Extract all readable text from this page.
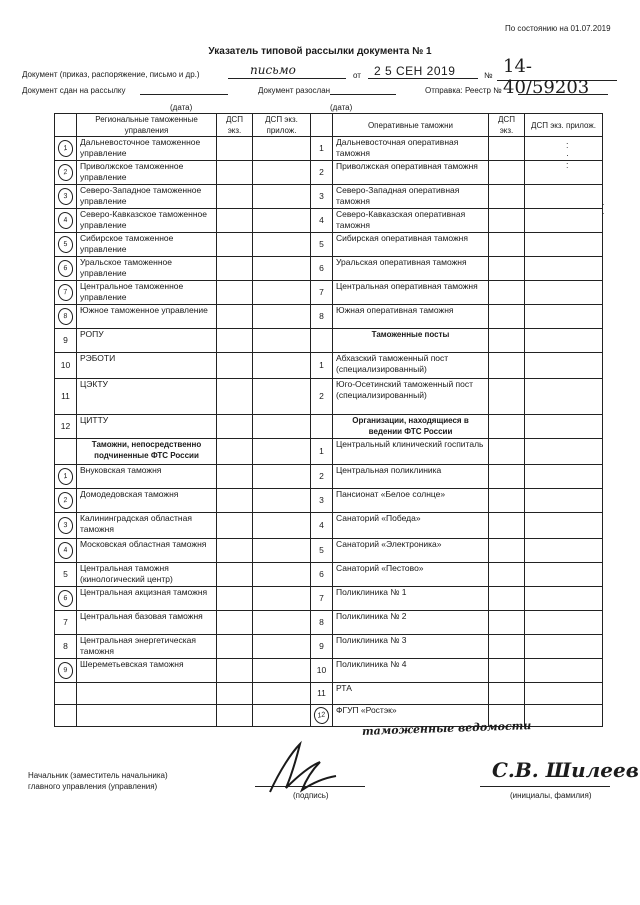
По состоянию на 01.07.2019
Указатель типовой рассылки документа № 1
Документ (приказ, распоряжение, письмо и др.)	письмо	от 2 5 СЕН 2019	№ 14-40/59203
Документ сдан на рассылку
(дата)
Документ разослан
(дата)
Отправка: Реестр №
	Региональные таможенные управления	ДСП экз.	ДСП экз. прилож.		Оперативные таможни	ДСП экз.	ДСП экз. прилож.
1	Дальневосточное таможенное управление			1	Дальневосточная оперативная таможня		
2	Приволжское таможенное управление			2	Приволжская оперативная таможня		
3	Северо-Западное таможенное управление			3	Северо-Западная оперативная таможня		
4	Северо-Кавказское таможенное управление			4	Северо-Кавказская оперативная таможня		
5	Сибирское таможенное управление			5	Сибирская оперативная таможня		
6	Уральское таможенное управление			6	Уральская оперативная таможня		
7	Центральное таможенное управление			7	Центральная оперативная таможня		
8	Южное таможенное управление			8	Южная оперативная таможня		
9	РОПУ				Таможенные посты		
10	РЭБОТИ			1	Абхазский таможенный пост (специализированный)		
11	ЦЭКТУ			2	Юго-Осетинский таможенный пост (специализированный)		
12	ЦИТТУ				Организации, находящиеся в ведении ФТС России		
	Таможни, непосредственно подчиненные ФТС России			1	Центральный клинический госпиталь		
1	Внуковская таможня			2	Центральная поликлиника		
2	Домодедовская таможня			3	Пансионат «Белое солнце»		
3	Калининградская областная таможня			4	Санаторий «Победа»		
4	Московская областная таможня			5	Санаторий «Электроника»		
5	Центральная таможня (кинологический центр)			6	Санаторий «Пестово»		
6	Центральная акцизная таможня			7	Поликлиника № 1		
7	Центральная базовая таможня			8	Поликлиника № 2		
8	Центральная энергетическая таможня			9	Поликлиника № 3		
9	Шереметьевская таможня			10	Поликлиника № 4		
				11	РТА		
				12	ФГУП «Ростэк»		
:
·
:
·
·
таможенные ведомости
Начальник (заместитель начальника)
главного управления (управления)
(подпись)
С.В. Шилеев
(инициалы, фамилия)
